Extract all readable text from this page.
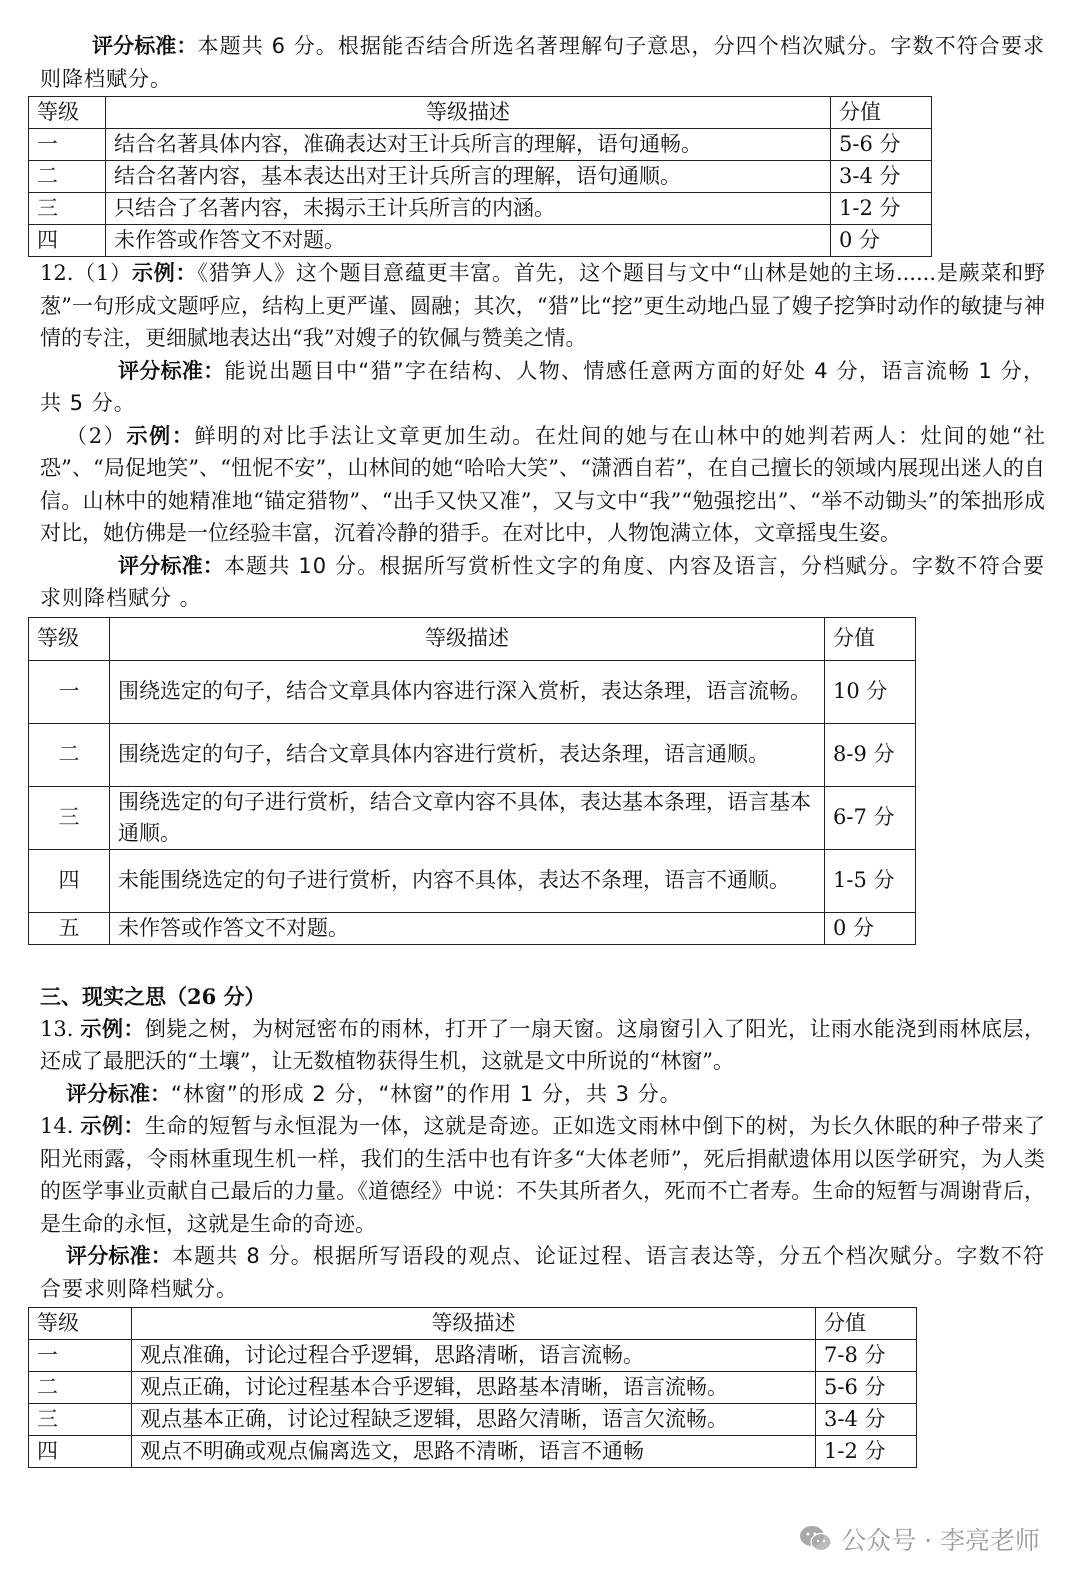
评分标准：本题共 6 分。根据能否结合所选名著理解句子意思，分四个档次赋分。字数不符合要求则降档赋分。

等级	等级描述	分值
一	结合名著具体内容，准确表达对王计兵所言的理解，语句通畅。	5-6 分
二	结合名著内容，基本表达出对王计兵所言的理解，语句通顺。	3-4 分
三	只结合了名著内容，未揭示王计兵所言的内涵。	1-2 分
四	未作答或作答文不对题。	0 分

12.（1）示例：《猎笋人》这个题目意蕴更丰富。首先，这个题目与文中“山林是她的主场......是蕨菜和野葱”一句形成文题呼应，结构上更严谨、圆融；其次，“猎”比“挖”更生动地凸显了嫂子挖笋时动作的敏捷与神情的专注，更细腻地表达出“我”对嫂子的钦佩与赞美之情。

评分标准：能说出题目中“猎”字在结构、人物、情感任意两方面的好处 4 分，语言流畅 1 分，共 5 分。

（2）示例：鲜明的对比手法让文章更加生动。在灶间的她与在山林中的她判若两人：灶间的她“社恐”、“局促地笑”、“忸怩不安”，山林间的她“哈哈大笑”、“潇洒自若”，在自己擅长的领域内展现出迷人的自信。山林中的她精准地“锚定猎物”、“出手又快又准”，又与文中“我”“勉强挖出”、“举不动锄头”的笨拙形成对比，她仿佛是一位经验丰富，沉着冷静的猎手。在对比中，人物饱满立体，文章摇曳生姿。

评分标准：本题共 10 分。根据所写赏析性文字的角度、内容及语言，分档赋分。字数不符合要求则降档赋分 。

等级	等级描述	分值
一	围绕选定的句子，结合文章具体内容进行深入赏析，表达条理，语言流畅。	10 分
二	围绕选定的句子，结合文章具体内容进行赏析，表达条理，语言通顺。	8-9 分
三	围绕选定的句子进行赏析，结合文章内容不具体，表达基本条理，语言基本通顺。	6-7 分
四	未能围绕选定的句子进行赏析，内容不具体，表达不条理，语言不通顺。	1-5 分
五	未作答或作答文不对题。	0 分

三、现实之思（26 分）

13. 示例：倒毙之树，为树冠密布的雨林，打开了一扇天窗。这扇窗引入了阳光，让雨水能浇到雨林底层，还成了最肥沃的“土壤”，让无数植物获得生机，这就是文中所说的“林窗”。

评分标准：“林窗”的形成 2 分，“林窗”的作用 1 分，共 3 分。

14. 示例：生命的短暂与永恒混为一体，这就是奇迹。正如选文雨林中倒下的树，为长久休眠的种子带来了阳光雨露，令雨林重现生机一样，我们的生活中也有许多“大体老师”，死后捐献遗体用以医学研究，为人类的医学事业贡献自己最后的力量。《道德经》中说：不失其所者久，死而不亡者寿。生命的短暂与凋谢背后，是生命的永恒，这就是生命的奇迹。

评分标准：本题共 8 分。根据所写语段的观点、论证过程、语言表达等，分五个档次赋分。字数不符合要求则降档赋分。

等级	等级描述	分值
一	观点准确，讨论过程合乎逻辑，思路清晰，语言流畅。	7-8 分
二	观点正确，讨论过程基本合乎逻辑，思路基本清晰，语言流畅。	5-6 分
三	观点基本正确，讨论过程缺乏逻辑，思路欠清晰，语言欠流畅。	3-4 分
四	观点不明确或观点偏离选文，思路不清晰，语言不通畅	1-2 分
公众号 · 李亮老师
